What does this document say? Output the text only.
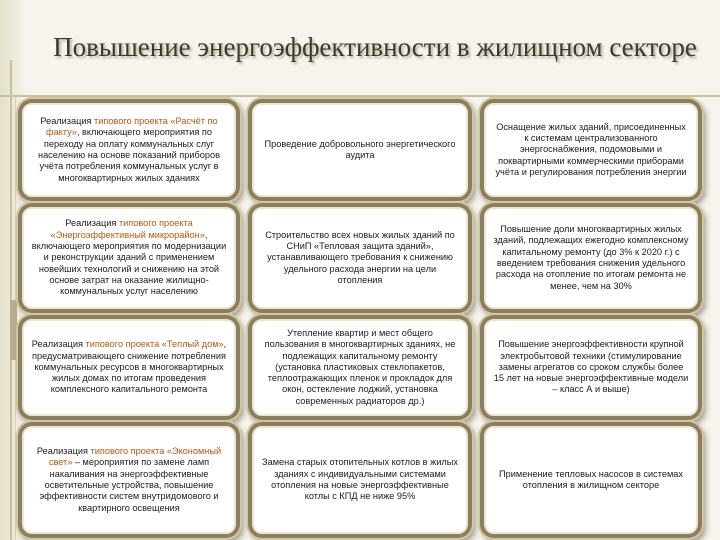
Повышение энергоэффективности в жилищном секторе
Реализация типового проекта «Расчёт по факту», включающего мероприятия по переходу на оплату коммунальных слуг населению на основе показаний приборов учёта потребления коммунальных услуг в многоквартирных жилых зданиях
Реализация типового проекта «Энергоэффективный микрорайон», включающего мероприятия по модернизации и реконструкции зданий с применением новейших технологий и снижению на этой основе затрат на оказание жилищно-коммунальных услуг населению
Реализация типового проекта «Теплый дом», предусматривающего снижение потребления коммунальных ресурсов в многоквартирных жилых домах по итогам проведения комплексного капитального ремонта
Реализация типового проекта «Экономный свет» – мероприятия по замене ламп накаливания на энергоэффективные осветительные устройства, повышение эффективности систем внутридомового и квартирного освещения
Проведение добровольного энергетического аудита
Строительство всех новых жилых зданий по СНиП «Тепловая защита зданий», устанавливающего требования к снижению удельного расхода энергии на цели отопления
Утепление квартир и мест общего пользования в многоквартирных зданиях, не подлежащих капитальному ремонту (установка пластиковых стеклопакетов, теплоотражающих пленок и прокладок для окон, остекление лоджий, установка современных радиаторов др.)
Замена старых отопительных котлов в жилых зданиях с индивидуальными системами отопления на новые энергоэффективные котлы с КПД не ниже 95%
Оснащение жилых зданий, присоединенных к системам централизованного энергоснабжения, подомовыми и поквартирными коммерческими приборами учёта и регулирования потребления энергии
Повышение доли многоквартирных жилых зданий, подлежащих ежегодно комплексному капитальному ремонту (до 3% к 2020 г.) с введением требования снижения удельного расхода на отопление по итогам ремонта не менее, чем на 30%
Повышение энергоэффективности крупной электробытовой техники (стимулирование замены агрегатов со сроком службы более 15 лет на новые энергоэффективные модели – класс А и выше)
Применение тепловых насосов в системах отопления в жилищном секторе
